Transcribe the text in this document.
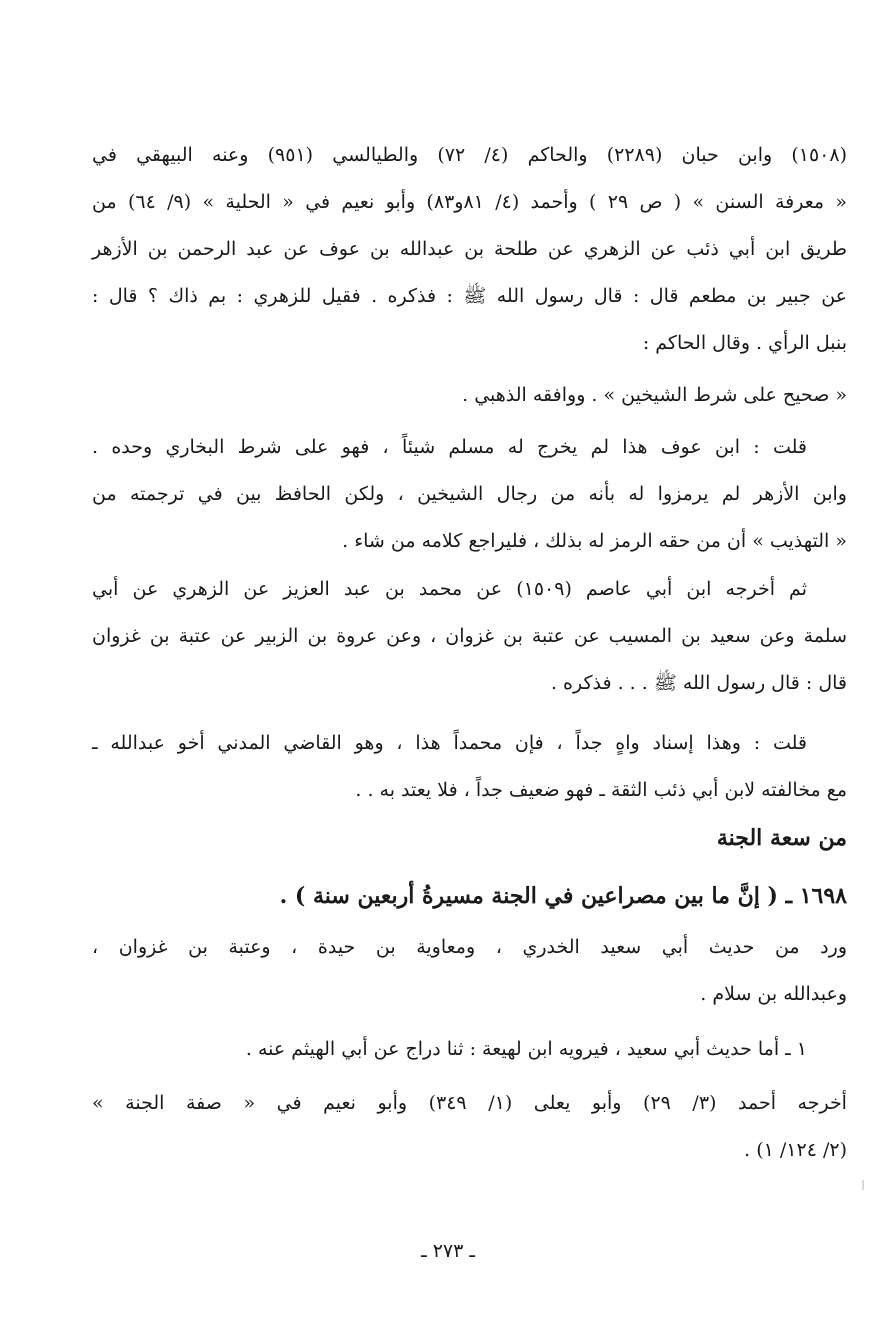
(١٥٠٨) وابن حبان (٢٢٨٩) والحاكم (٤/ ٧٢) والطيالسي (٩٥١) وعنه البيهقي في
« معرفة السنن » ( ص ٢٩ ) وأحمد (٤/ ٨١و٨٣) وأبو نعيم في « الحلية » (٩/ ٦٤) من
طريق ابن أبي ذئب عن الزهري عن طلحة بن عبدالله بن عوف عن عبد الرحمن بن الأزهر
عن جبير بن مطعم قال : قال رسول الله ﷺ : فذكره . فقيل للزهري : بم ذاك ؟ قال :
بنبل الرأي . وقال الحاكم :
« صحيح على شرط الشيخين » . ووافقه الذهبي .
قلت : ابن عوف هذا لم يخرج له مسلم شيئاً ، فهو على شرط البخاري وحده .
وابن الأزهر لم يرمزوا له بأنه من رجال الشيخين ، ولكن الحافظ بين في ترجمته من
« التهذيب » أن من حقه الرمز له بذلك ، فليراجع كلامه من شاء .
ثم أخرجه ابن أبي عاصم (١٥٠٩) عن محمد بن عبد العزيز عن الزهري عن أبي
سلمة وعن سعيد بن المسيب عن عتبة بن غزوان ، وعن عروة بن الزبير عن عتبة بن غزوان
قال : قال رسول الله ﷺ . . . فذكره .
قلت : وهذا إسناد واهٍ جداً ، فإن محمداً هذا ، وهو القاضي المدني أخو عبدالله ـ
مع مخالفته لابن أبي ذئب الثقة ـ فهو ضعيف جداً ، فلا يعتد به . .
من سعة الجنة
١٦٩٨ ـ ( إنَّ ما بين مصراعين في الجنة مسيرةُ أربعين سنة ) .
ورد من حديث أبي سعيد الخدري ، ومعاوية بن حيدة ، وعتبة بن غزوان ،
وعبدالله بن سلام .
١ ـ أما حديث أبي سعيد ، فيرويه ابن لهيعة : ثنا دراج عن أبي الهيثم عنه .
أخرجه أحمد (٣/ ٢٩) وأبو يعلى (١/ ٣٤٩) وأبو نعيم في « صفة الجنة »
(٢/ ١٢٤/ ١) .
ـ ٢٧٣ ـ
